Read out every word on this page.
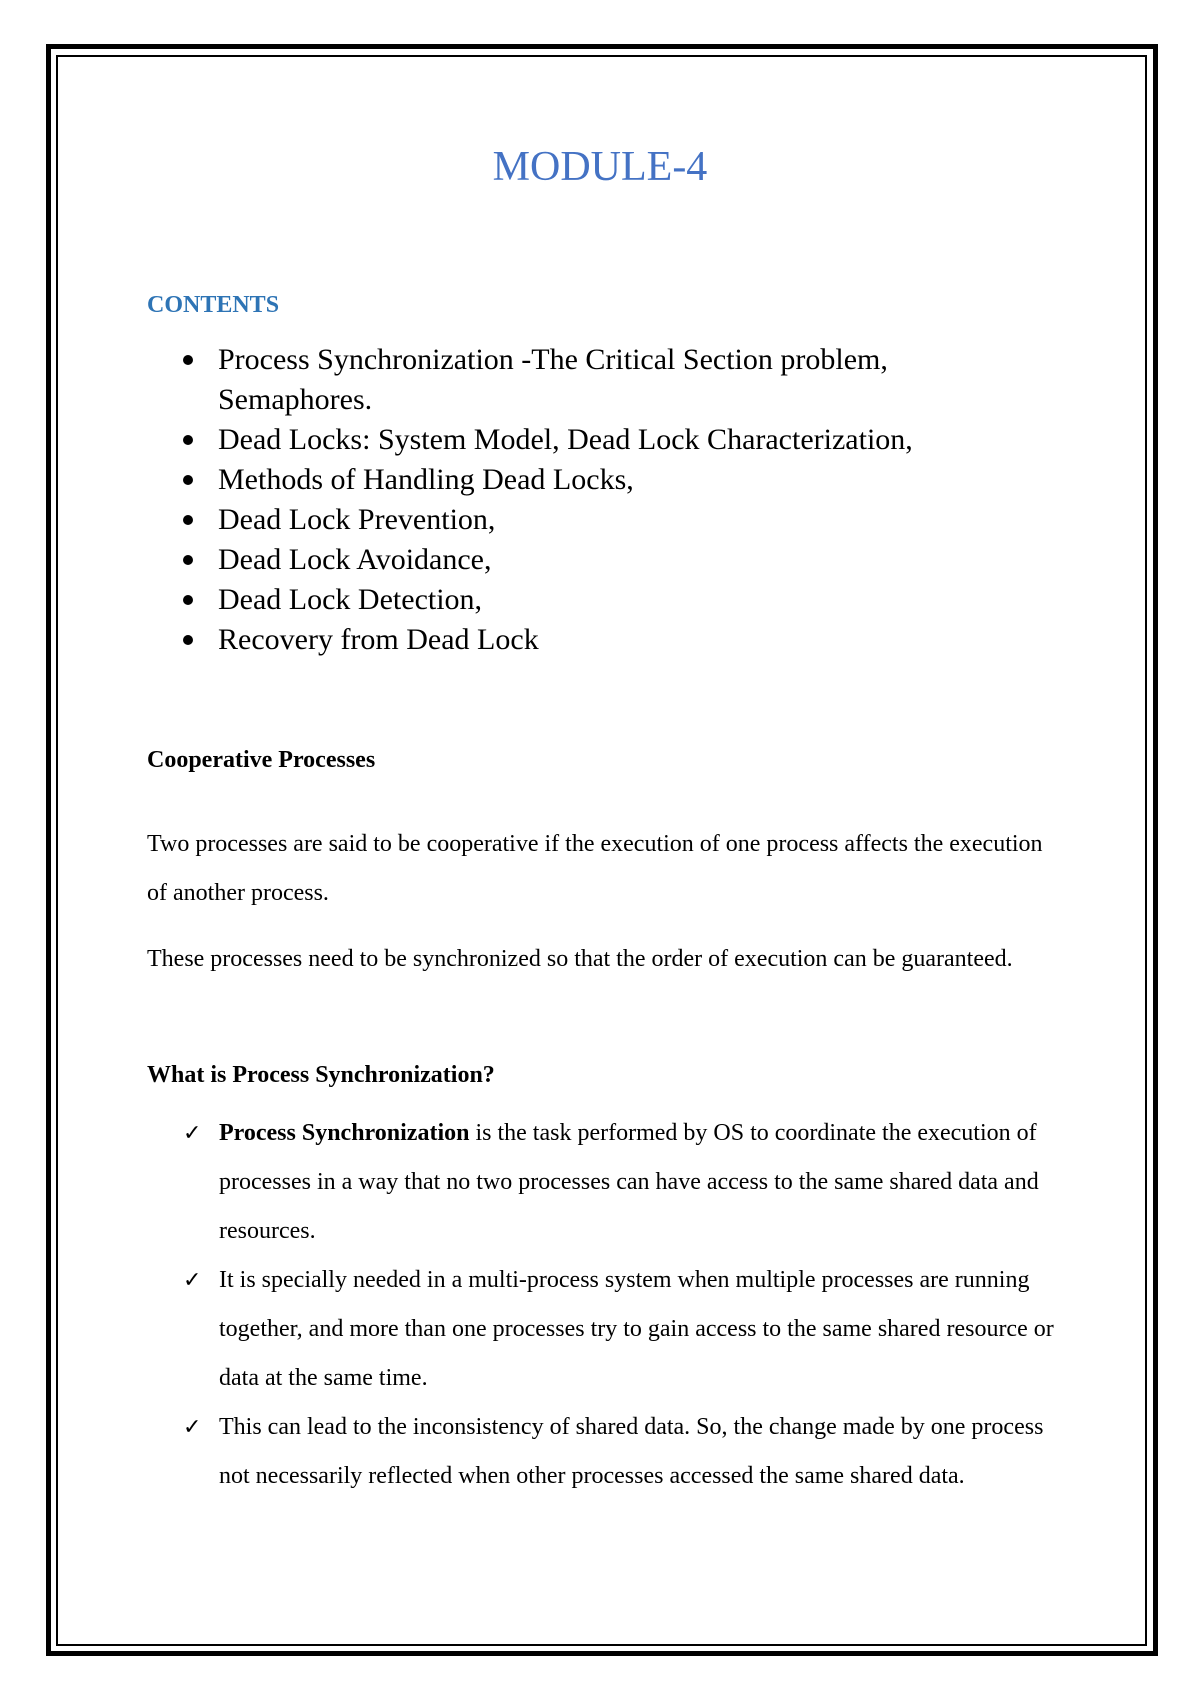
MODULE-4
CONTENTS
Process Synchronization -The Critical Section problem, Semaphores.
Dead Locks: System Model, Dead Lock Characterization,
Methods of Handling Dead Locks,
Dead Lock Prevention,
Dead Lock Avoidance,
Dead Lock Detection,
Recovery from Dead Lock
Cooperative Processes

Two processes are said to be cooperative if the execution of one process affects the execution of another process.

These processes need to be synchronized so that the order of execution can be guaranteed.

What is Process Synchronization?
✓ Process Synchronization is the task performed by OS to coordinate the execution of processes in a way that no two processes can have access to the same shared data and resources.
✓ It is specially needed in a multi-process system when multiple processes are running together, and more than one processes try to gain access to the same shared resource or data at the same time.
✓ This can lead to the inconsistency of shared data. So, the change made by one process not necessarily reflected when other processes accessed the same shared data.
